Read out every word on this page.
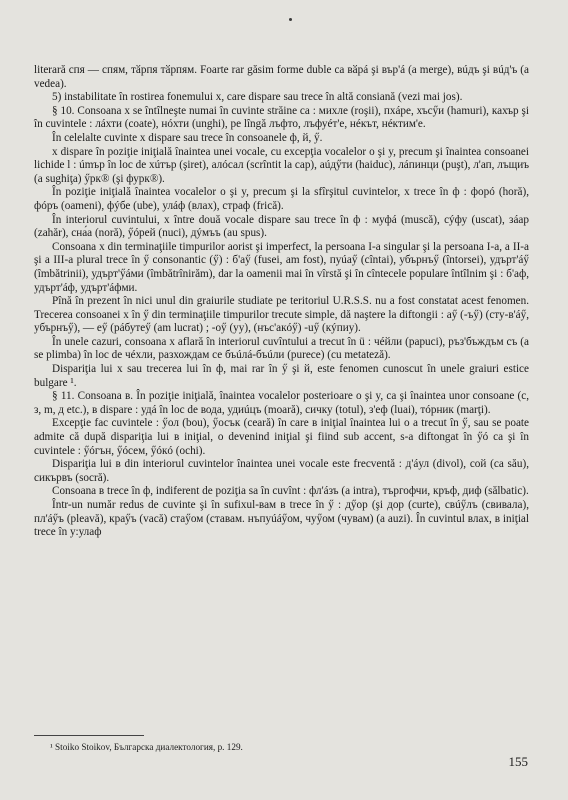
literară спя — спям, тӑрпя тӑрпям. Foarte rar găsim forme duble ca вӑрá şi вър'á (a merge), вúдъ şi вúд'ъ (a vedea).

5) instabilitate în rostirea fonemului x, care dispare sau trece în altă consiană (vezi mai jos).

§ 10. Consoana x se întîlneşte numai în cuvinte străine ca : михле (roşii), пхáре, хъсӳи (hamuri), кахър şi în cuvintele : лáхти (coate), нóхти (unghi), pe lîngă лъфто, лъфуéт'е, нéкът, нéктим'е.

În celelalte cuvinte x dispare sau trece în consoanele ф, й, ӳ.

x dispare în poziţie iniţială înaintea unei vocale, cu excepţia vocalelor o şi y, precum şi înaintea consoanei lichide l : úmър în loc de хúтър (şiret), алóсал (scrîntit la cap), аúдӳти (haiduc), лáпинци (puşt), л'ап, лъщиъ (a sughiţa) ӳрк® (şi фурк®).

În poziţie iniţială înaintea vocalelor o şi y, precum şi la sfîrşitul cuvintelor, x trece în ф : форó (horă), фóръ (oameni), фýбе (ubе), улáф (влах), страф (frică).

În interiorul cuvintului, x între două vocale dispare sau trece în ф : муфá (muscă), сýфу (uscat), зáар (zahăr), сна́а (noră), ӳóрей (nuci), дýмъъ (au spus).

Consoana x din terminaţiile timpurilor aorist şi imperfect, la persoana I-a singular şi la persoana I-a, a II-a şi a III-a plural trece în ӳ consonantic (ӳ) : б'аӳ (fusei, am fost), пуúаӳ (cîntai), убърнъӳ (întorsei), удърт'áӳ (îmbătrinii), удърт'ӳáми (îmbătrînirăm), dar la oamenii mai în vîrstă şi în cîntecele populare întîlnim şi : б'аф, удърт'áф, удърт'áфми.

Pînă în prezent în nici unul din graiurile studiate pe teritoriul U.R.S.S. nu a fost constatat acest fenomen. Trecerea consoanei x în ӳ din terminaţiile timpurilor trecute simple, dă naştere la diftongii : aӳ (-ъӳ) (сту-в'áӳ, убърнъӳ), — eӳ (рáбутеӳ (am lucrat) ; -oӳ (yy), (нъс'акóӳ) -uӳ (кýпиу).

În unele cazuri, consoana x aflară în interiorul cuvîntului a trecut în ü : чéйли (papuci), ръз'бъждъм съ (a se plimba) în loc de чéхли, разхождам се бъúлá-бъúли (purece) (cu metateză).

Dispariţia lui x sau trecerea lui în ф, mai rar în ӳ şi й, este fenomen cunoscut în unele graiuri estice bulgare ¹.

§ 11. Consoana в. În poziţie iniţială, înaintea vocalelor posterioare o şi y, ca şi înaintea unor consoane (c, з, m, д etc.), в dispare : удá în loc de вода, удиúцъ (moară), сичку (totul), з'еф (luai), тóрник (marţi).

Excepţie fac cuvintele : ӳол (bou), ӳосък (ceară) în care в iniţial înaintea lui o a trecut în ӳ, sau se poate admite că după dispariţia lui в iniţial, o devenind iniţial şi fiind sub accent, s-a diftongat în ӳó ca şi în cuvintele : ӳóгън, ӳóсем, ӳóкó (ochi).

Dispariţia lui в din interiorul cuvintelor înaintea unei vocale este frecventă : д'áул (divol), сой (ca său), сикървъ (socră).

Consoana в trece în ф, indiferent de poziţia sa în cuvînt : фл'áзъ (a intra), търгофчи, кръф, диф (sălbatic).

Într-un număr redus de cuvinte şi în sufixul-вам в trece în ӳ : дӳор (şi дор (curte), свúӳлъ (свивала), пл'áӳъ (pleavă), краӳъ (vacă) стаӳом (ставам. нъпуúáӳом, чуӳом (чувам) (a auzi). În cuvintul влах, в iniţial trece în у:улаф

¹ Stoiko Stoikov, Българска диалектология, p. 129.
155
